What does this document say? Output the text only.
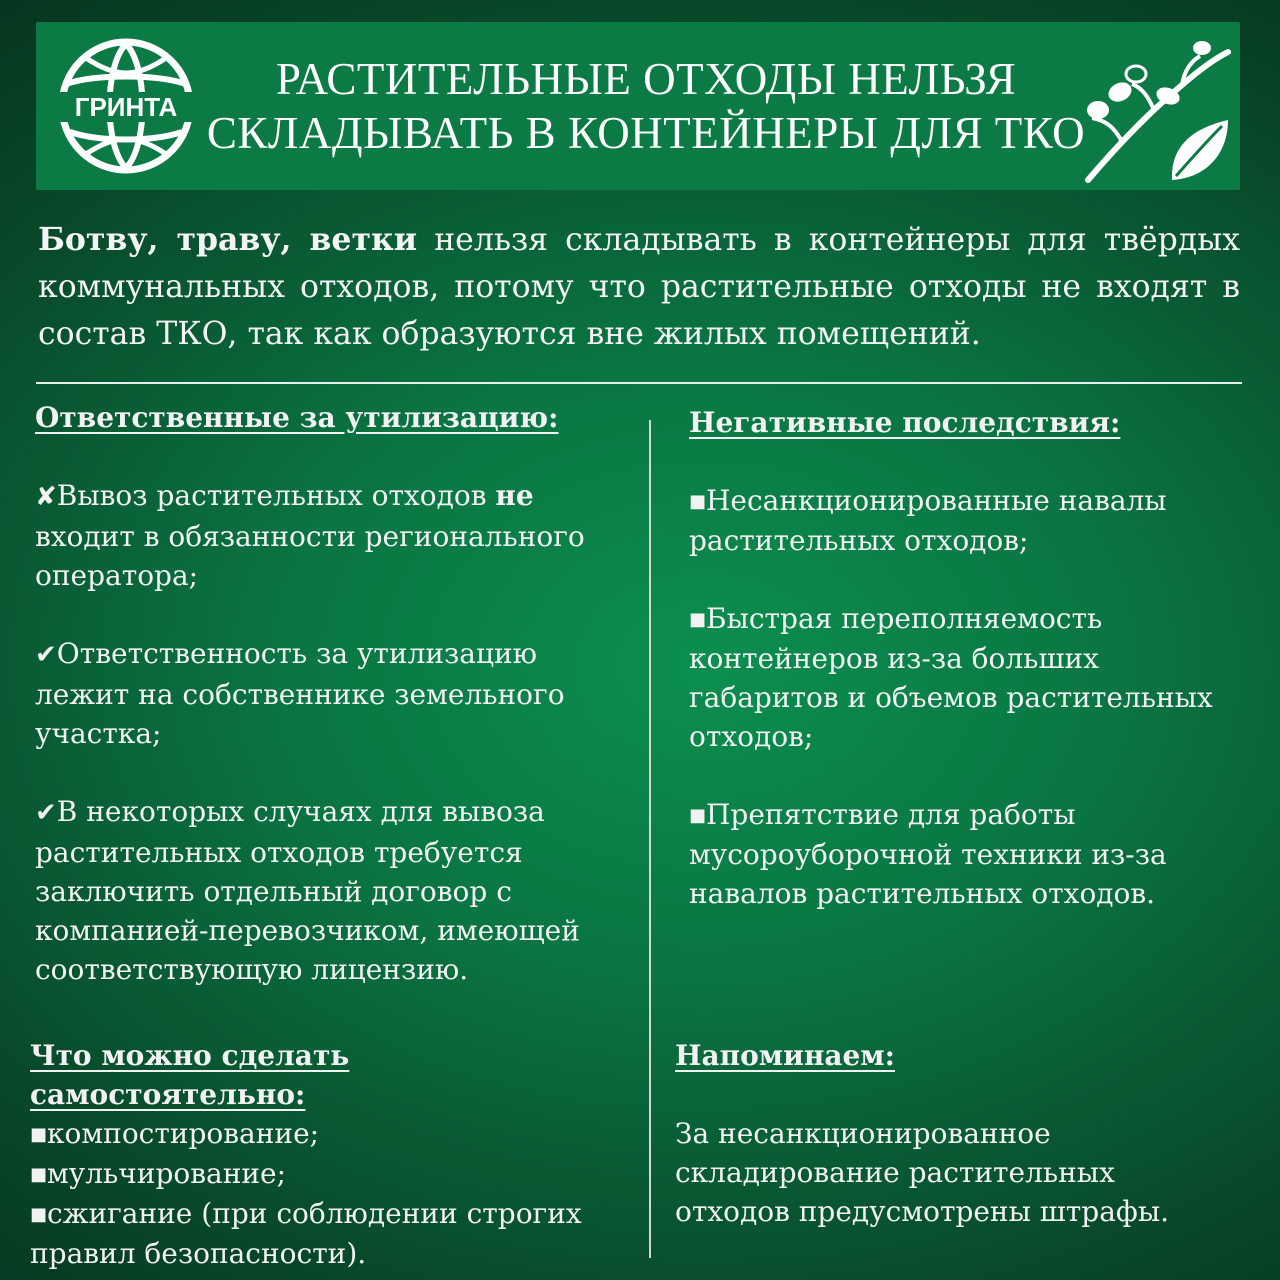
ГРИНТА
РАСТИТЕЛЬНЫЕ ОТХОДЫ НЕЛЬЗЯ
СКЛАДЫВАТЬ В КОНТЕЙНЕРЫ ДЛЯ ТКО
Ботву, траву, ветки нельзя складывать в контейнеры для твёрдых коммунальных отходов, потому что растительные отходы не входят в состав ТКО, так как образуются вне жилых помещений.
Ответственные за утилизацию:
✘Вывоз растительных отходов не входит в обязанности регионального оператора;
✔Ответственность за утилизацию лежит на собственнике земельного участка;
✔В некоторых случаях для вывоза растительных отходов требуется заключить отдельный договор с компанией-перевозчиком, имеющей соответствующую лицензию.
Негативные последствия:
■Несанкционированные навалы растительных отходов;
■Быстрая переполняемость контейнеров из-за больших габаритов и объемов растительных отходов;
■Препятствие для работы мусороуборочной техники из-за навалов растительных отходов.
Что можно сделать самостоятельно:
■компостирование;
■мульчирование;
■сжигание (при соблюдении строгих правил безопасности).
Напоминаем:
За несанкционированное складирование растительных отходов предусмотрены штрафы.
